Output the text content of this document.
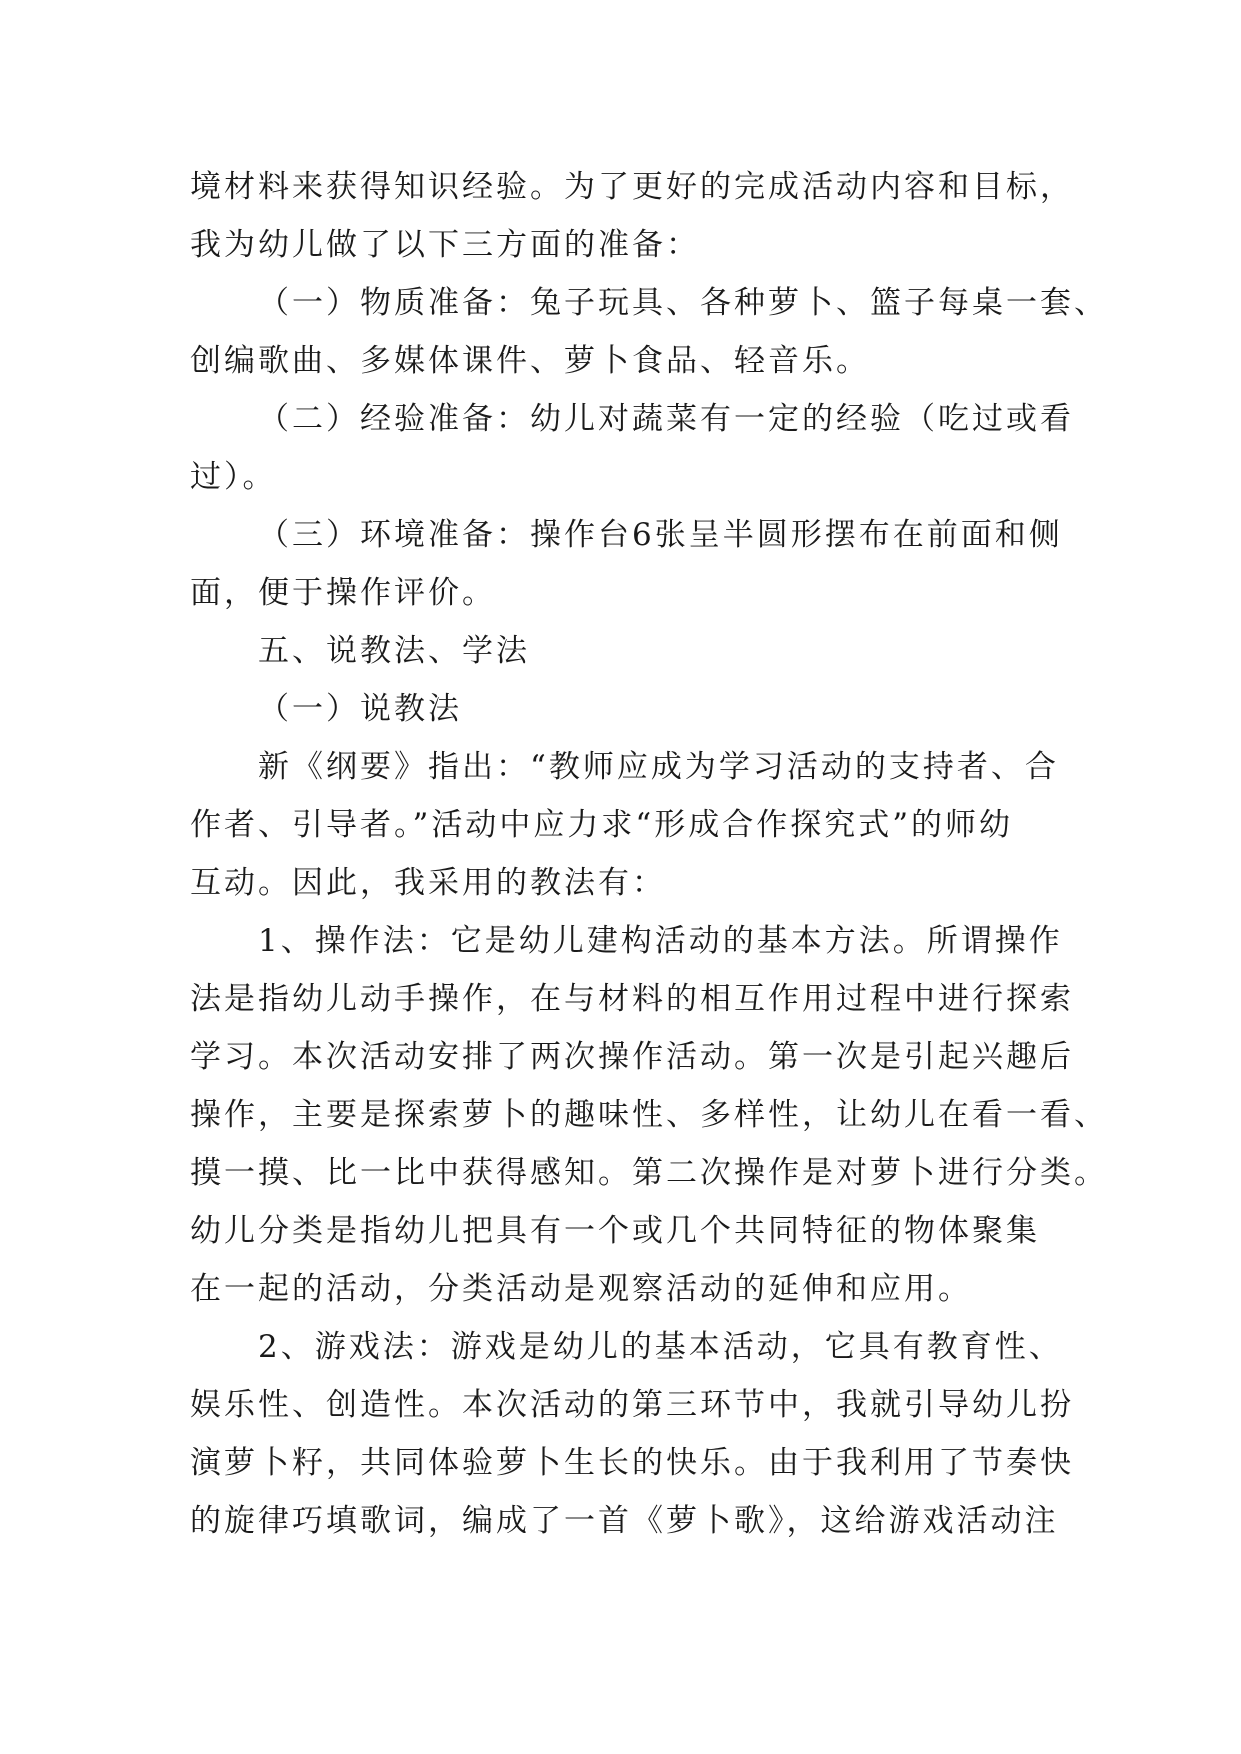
境材料来获得知识经验。为了更好的完成活动内容和目标，
我为幼儿做了以下三方面的准备：
（一）物质准备：兔子玩具、各种萝卜、篮子每桌一套、
创编歌曲、多媒体课件、萝卜食品、轻音乐。
（二）经验准备：幼儿对蔬菜有一定的经验（吃过或看
过）。
（三）环境准备：操作台6张呈半圆形摆布在前面和侧
面，便于操作评价。
五、说教法、学法
（一）说教法
新《纲要》指出：“教师应成为学习活动的支持者、合
作者、引导者。”活动中应力求“形成合作探究式”的师幼
互动。因此，我采用的教法有：
1、操作法：它是幼儿建构活动的基本方法。所谓操作
法是指幼儿动手操作，在与材料的相互作用过程中进行探索
学习。本次活动安排了两次操作活动。第一次是引起兴趣后
操作，主要是探索萝卜的趣味性、多样性，让幼儿在看一看、
摸一摸、比一比中获得感知。第二次操作是对萝卜进行分类。
幼儿分类是指幼儿把具有一个或几个共同特征的物体聚集
在一起的活动，分类活动是观察活动的延伸和应用。
2、游戏法：游戏是幼儿的基本活动，它具有教育性、
娱乐性、创造性。本次活动的第三环节中，我就引导幼儿扮
演萝卜籽，共同体验萝卜生长的快乐。由于我利用了节奏快
的旋律巧填歌词，编成了一首《萝卜歌》，这给游戏活动注
